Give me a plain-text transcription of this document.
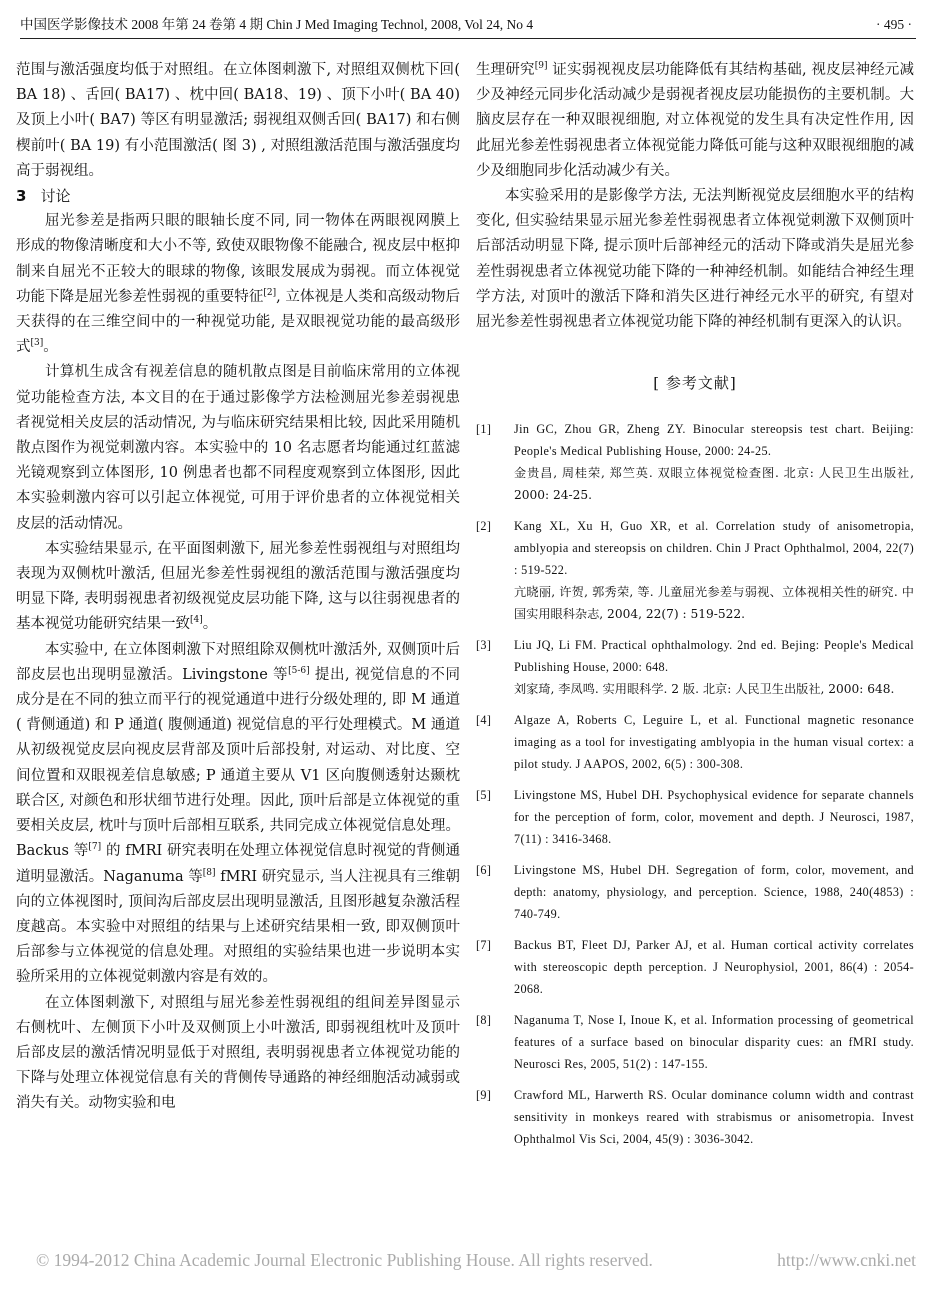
中国医学影像技术 2008 年第 24 卷第 4 期 Chin J Med Imaging Technol, 2008, Vol 24, No 4	· 495 ·

范围与激活强度均低于对照组。在立体图刺激下, 对照组双侧枕下回( BA 18) 、舌回( BA17) 、枕中回( BA18、19) 、顶下小叶( BA 40) 及顶上小叶( BA7) 等区有明显激活; 弱视组双侧舌回( BA17) 和右侧楔前叶( BA 19) 有小范围激活( 图 3) , 对照组激活范围与激活强度均高于弱视组。

3 讨论

屈光参差是指两只眼的眼轴长度不同, 同一物体在两眼视网膜上形成的物像清晰度和大小不等, 致使双眼物像不能融合, 视皮层中枢抑制来自屈光不正较大的眼球的物像, 该眼发展成为弱视。而立体视觉功能下降是屈光参差性弱视的重要特征[2], 立体视是人类和高级动物后天获得的在三维空间中的一种视觉功能, 是双眼视觉功能的最高级形式[3]。

计算机生成含有视差信息的随机散点图是目前临床常用的立体视觉功能检查方法, 本文目的在于通过影像学方法检测屈光参差弱视患者视觉相关皮层的活动情况, 为与临床研究结果相比较, 因此采用随机散点图作为视觉刺激内容。本实验中的 10 名志愿者均能通过红蓝滤光镜观察到立体图形, 10 例患者也都不同程度观察到立体图形, 因此本实验刺激内容可以引起立体视觉, 可用于评价患者的立体视觉相关皮层的活动情况。

本实验结果显示, 在平面图刺激下, 屈光参差性弱视组与对照组均表现为双侧枕叶激活, 但屈光参差性弱视组的激活范围与激活强度均明显下降, 表明弱视患者初级视觉皮层功能下降, 这与以往弱视患者的基本视觉功能研究结果一致[4]。

本实验中, 在立体图刺激下对照组除双侧枕叶激活外, 双侧顶叶后部皮层也出现明显激活。Livingstone 等[5-6] 提出, 视觉信息的不同成分是在不同的独立而平行的视觉通道中进行分级处理的, 即 M 通道( 背侧通道) 和 P 通道( 腹侧通道) 视觉信息的平行处理模式。M 通道从初级视觉皮层向视皮层背部及顶叶后部投射, 对运动、对比度、空间位置和双眼视差信息敏感; P 通道主要从 V1 区向腹侧透射达颞枕联合区, 对颜色和形状细节进行处理。因此, 顶叶后部是立体视觉的重要相关皮层, 枕叶与顶叶后部相互联系, 共同完成立体视觉信息处理。Backus 等[7] 的 fMRI 研究表明在处理立体视觉信息时视觉的背侧通道明显激活。Naganuma 等[8] fMRI 研究显示, 当人注视具有三维朝向的立体视图时, 顶间沟后部皮层出现明显激活, 且图形越复杂激活程度越高。本实验中对照组的结果与上述研究结果相一致, 即双侧顶叶后部参与立体视觉的信息处理。对照组的实验结果也进一步说明本实验所采用的立体视觉刺激内容是有效的。

在立体图刺激下, 对照组与屈光参差性弱视组的组间差异图显示右侧枕叶、左侧顶下小叶及双侧顶上小叶激活, 即弱视组枕叶及顶叶后部皮层的激活情况明显低于对照组, 表明弱视患者立体视觉功能的下降与处理立体视觉信息有关的背侧传导通路的神经细胞活动减弱或消失有关。动物实验和电

生理研究[9] 证实弱视视皮层功能降低有其结构基础, 视皮层神经元减少及神经元同步化活动减少是弱视者视皮层功能损伤的主要机制。大脑皮层存在一种双眼视细胞, 对立体视觉的发生具有决定性作用, 因此屈光参差性弱视患者立体视觉能力降低可能与这种双眼视细胞的减少及细胞同步化活动减少有关。

本实验采用的是影像学方法, 无法判断视觉皮层细胞水平的结构变化, 但实验结果显示屈光参差性弱视患者立体视觉刺激下双侧顶叶后部活动明显下降, 提示顶叶后部神经元的活动下降或消失是屈光参差性弱视患者立体视觉功能下降的一种神经机制。如能结合神经生理学方法, 对顶叶的激活下降和消失区进行神经元水平的研究, 有望对屈光参差性弱视患者立体视觉功能下降的神经机制有更深入的认识。

[ 参考文献]
[1] Jin GC, Zhou GR, Zheng ZY. Binocular stereopsis test chart. Beijing: People's Medical Publishing House, 2000: 24-25.
金贵昌, 周桂荣, 郑竺英. 双眼立体视觉检查图. 北京: 人民卫生出版社, 2000: 24-25.
[2] Kang XL, Xu H, Guo XR, et al. Correlation study of anisometropia, amblyopia and stereopsis on children. Chin J Pract Ophthalmol, 2004, 22(7) : 519-522.
亢晓丽, 许贺, 郭秀荣, 等. 儿童屈光参差与弱视、立体视相关性的研究. 中国实用眼科杂志, 2004, 22(7) : 519-522.
[3] Liu JQ, Li FM. Practical ophthalmology. 2nd ed. Bejing: People's Medical Publishing House, 2000: 648.
刘家琦, 李凤鸣. 实用眼科学. 2 版. 北京: 人民卫生出版社, 2000: 648.
[4] Algaze A, Roberts C, Leguire L, et al. Functional magnetic resonance imaging as a tool for investigating amblyopia in the human visual cortex: a pilot study. J AAPOS, 2002, 6(5) : 300-308.
[5] Livingstone MS, Hubel DH. Psychophysical evidence for separate channels for the perception of form, color, movement and depth. J Neurosci, 1987, 7(11) : 3416-3468.
[6] Livingstone MS, Hubel DH. Segregation of form, color, movement, and depth: anatomy, physiology, and perception. Science, 1988, 240(4853) : 740-749.
[7] Backus BT, Fleet DJ, Parker AJ, et al. Human cortical activity correlates with stereoscopic depth perception. J Neurophysiol, 2001, 86(4) : 2054-2068.
[8] Naganuma T, Nose I, Inoue K, et al. Information processing of geometrical features of a surface based on binocular disparity cues: an fMRI study. Neurosci Res, 2005, 51(2) : 147-155.
[9] Crawford ML, Harwerth RS. Ocular dominance column width and contrast sensitivity in monkeys reared with strabismus or anisometropia. Invest Ophthalmol Vis Sci, 2004, 45(9) : 3036-3042.
© 1994-2012 China Academic Journal Electronic Publishing House. All rights reserved.	http://www.cnki.net
